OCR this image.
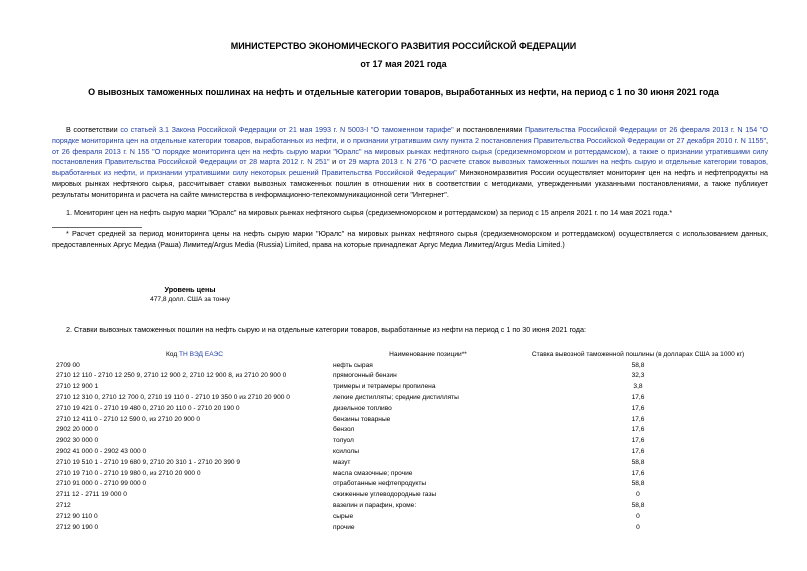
МИНИСТЕРСТВО ЭКОНОМИЧЕСКОГО РАЗВИТИЯ РОССИЙСКОЙ ФЕДЕРАЦИИ
от 17 мая 2021 года
О вывозных таможенных пошлинах на нефть и отдельные категории товаров, выработанных из нефти, на период с 1 по 30 июня 2021 года
В соответствии со статьей 3.1 Закона Российской Федерации от 21 мая 1993 г. N 5003-I "О таможенном тарифе" и постановлениями Правительства Российской Федерации от 26 февраля 2013 г. N 154 "О порядке мониторинга цен на отдельные категории товаров, выработанных из нефти, и о признании утратившим силу пункта 2 постановления Правительства Российской Федерации от 27 декабря 2010 г. N 1155", от 26 февраля 2013 г. N 155 "О порядке мониторинга цен на нефть сырую марки "Юралс" на мировых рынках нефтяного сырья (средиземноморском и роттердамском), а также о признании утратившими силу постановления Правительства Российской Федерации от 28 марта 2012 г. N 251" и от 29 марта 2013 г. N 276 "О расчете ставок вывозных таможенных пошлин на нефть сырую и отдельные категории товаров, выработанных из нефти, и признании утратившими силу некоторых решений Правительства Российской Федерации" Минэкономразвития России осуществляет мониторинг цен на нефть и нефтепродукты на мировых рынках нефтяного сырья, рассчитывает ставки вывозных таможенных пошлин в отношении них в соответствии с методиками, утвержденными указанными постановлениями, а также публикует результаты мониторинга и расчета на сайте министерства в информационно-телекоммуникационной сети "Интернет".
1. Мониторинг цен на нефть сырую марки "Юралс" на мировых рынках нефтяного сырья (средиземноморском и роттердамском) за период с 15 апреля 2021 г. по 14 мая 2021 года.*
* Расчет средней за период мониторинга цены на нефть сырую марки "Юралс" на мировых рынках нефтяного сырья (средиземноморском и роттердамском) осуществляется с использованием данных, предоставленных Аргус Медиа (Раша) Лимитед/Argus Media (Russia) Limited, права на которые принадлежат Аргус Медиа Лимитед/Argus Media Limited.)
Уровень цены
477,8 долл. США за тонну
2. Ставки вывозных таможенных пошлин на нефть сырую и на отдельные категории товаров, выработанные из нефти на период с 1 по 30 июня 2021 года:
Код ТН ВЭД ЕАЭС	Наименование позиции**	Ставка вывозной таможенной пошлины (в долларах США за 1000 кг)
2709 00	нефть сырая	58,8
2710 12 110 - 2710 12 250 9, 2710 12 900 2, 2710 12 900 8, из 2710 20 900 0	прямогонный бензин	32,3
2710 12 900 1	тримеры и тетрамеры пропилена	3,8
2710 12 310 0, 2710 12 700 0, 2710 19 110 0 - 2710 19 350 0 из 2710 20 900 0	легкие дистилляты; средние дистилляты	17,6
2710 19 421 0 - 2710 19 480 0, 2710 20 110 0 - 2710 20 190 0	дизельное топливо	17,6
2710 12 411 0 - 2710 12 590 0, из 2710 20 900 0	бензины товарные	17,6
2902 20 000 0	бензол	17,6
2902 30 000 0	толуол	17,6
2902 41 000 0 - 2902 43 000 0	ксилолы	17,6
2710 19 510 1 - 2710 19 680 9, 2710 20 310 1 - 2710 20 390 9	мазут	58,8
2710 19 710 0 - 2710 19 980 0, из 2710 20 900 0	масла смазочные; прочие	17,6
2710 91 000 0 - 2710 99 000 0	отработанные нефтепродукты	58,8
2711 12 - 2711 19 000 0	сжиженные углеводородные газы	0
2712	вазелин и парафин, кроме:	58,8
2712 90 110 0	сырые	0
2712 90 190 0	прочие	0
